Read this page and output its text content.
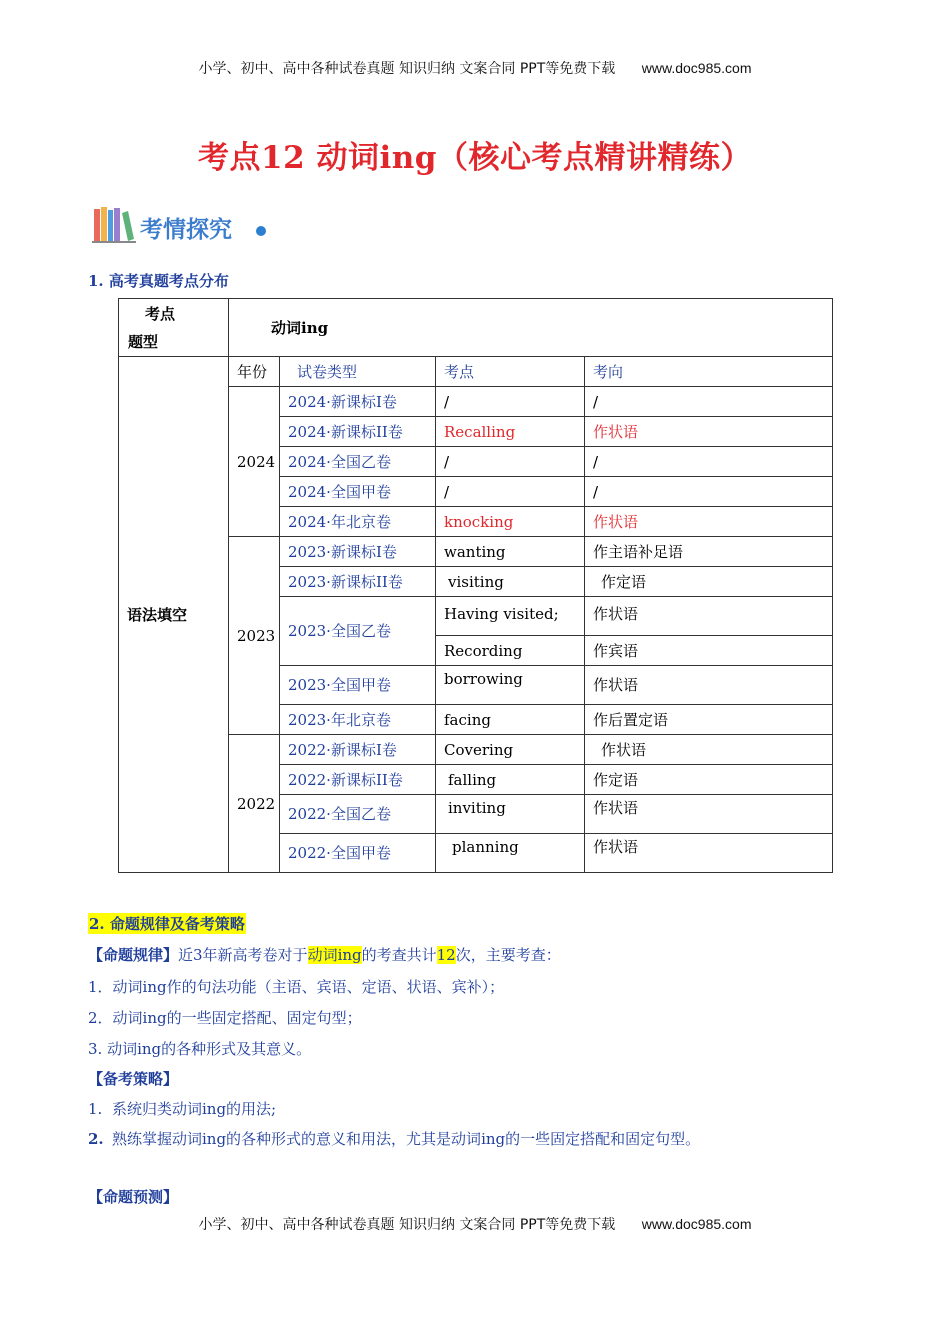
小学、初中、高中各种试卷真题 知识归纳 文案合同 PPT等免费下载 www.doc985.com
考点12 动词ing（核心考点精讲精练）
考情探究
1. 高考真题考点分布
考点
题型	动词ing			
语法填空	年份	试卷类型	考点	考向
	2024	2024·新课标I卷	/	/
		2024·新课标II卷	Recalling	作状语
		2024·全国乙卷	/	/
		2024·全国甲卷	/	/
		2024·年北京卷	knocking	作状语
	2023	2023·新课标I卷	wanting	作主语补足语
		2023·新课标II卷	visiting	作定语
		2023·全国乙卷	Having visited;	作状语
			Recording	作宾语
		2023·全国甲卷	borrowing	作状语
		2023·年北京卷	facing	作后置定语
	2022	2022·新课标I卷	Covering	作状语
		2022·新课标II卷	falling	作定语
		2022·全国乙卷	inviting	作状语
		2022·全国甲卷	planning	作状语
2. 命题规律及备考策略
【命题规律】近3年新高考卷对于动词ing的考查共计12次，主要考查：
1．动词ing作的句法功能（主语、宾语、定语、状语、宾补）；
2．动词ing的一些固定搭配、固定句型；
3. 动词ing的各种形式及其意义。
【备考策略】
1. 系统归类动词ing的用法;
2. 熟练掌握动词ing的各种形式的意义和用法，尤其是动词ing的一些固定搭配和固定句型。
【命题预测】
小学、初中、高中各种试卷真题 知识归纳 文案合同 PPT等免费下载 www.doc985.com
